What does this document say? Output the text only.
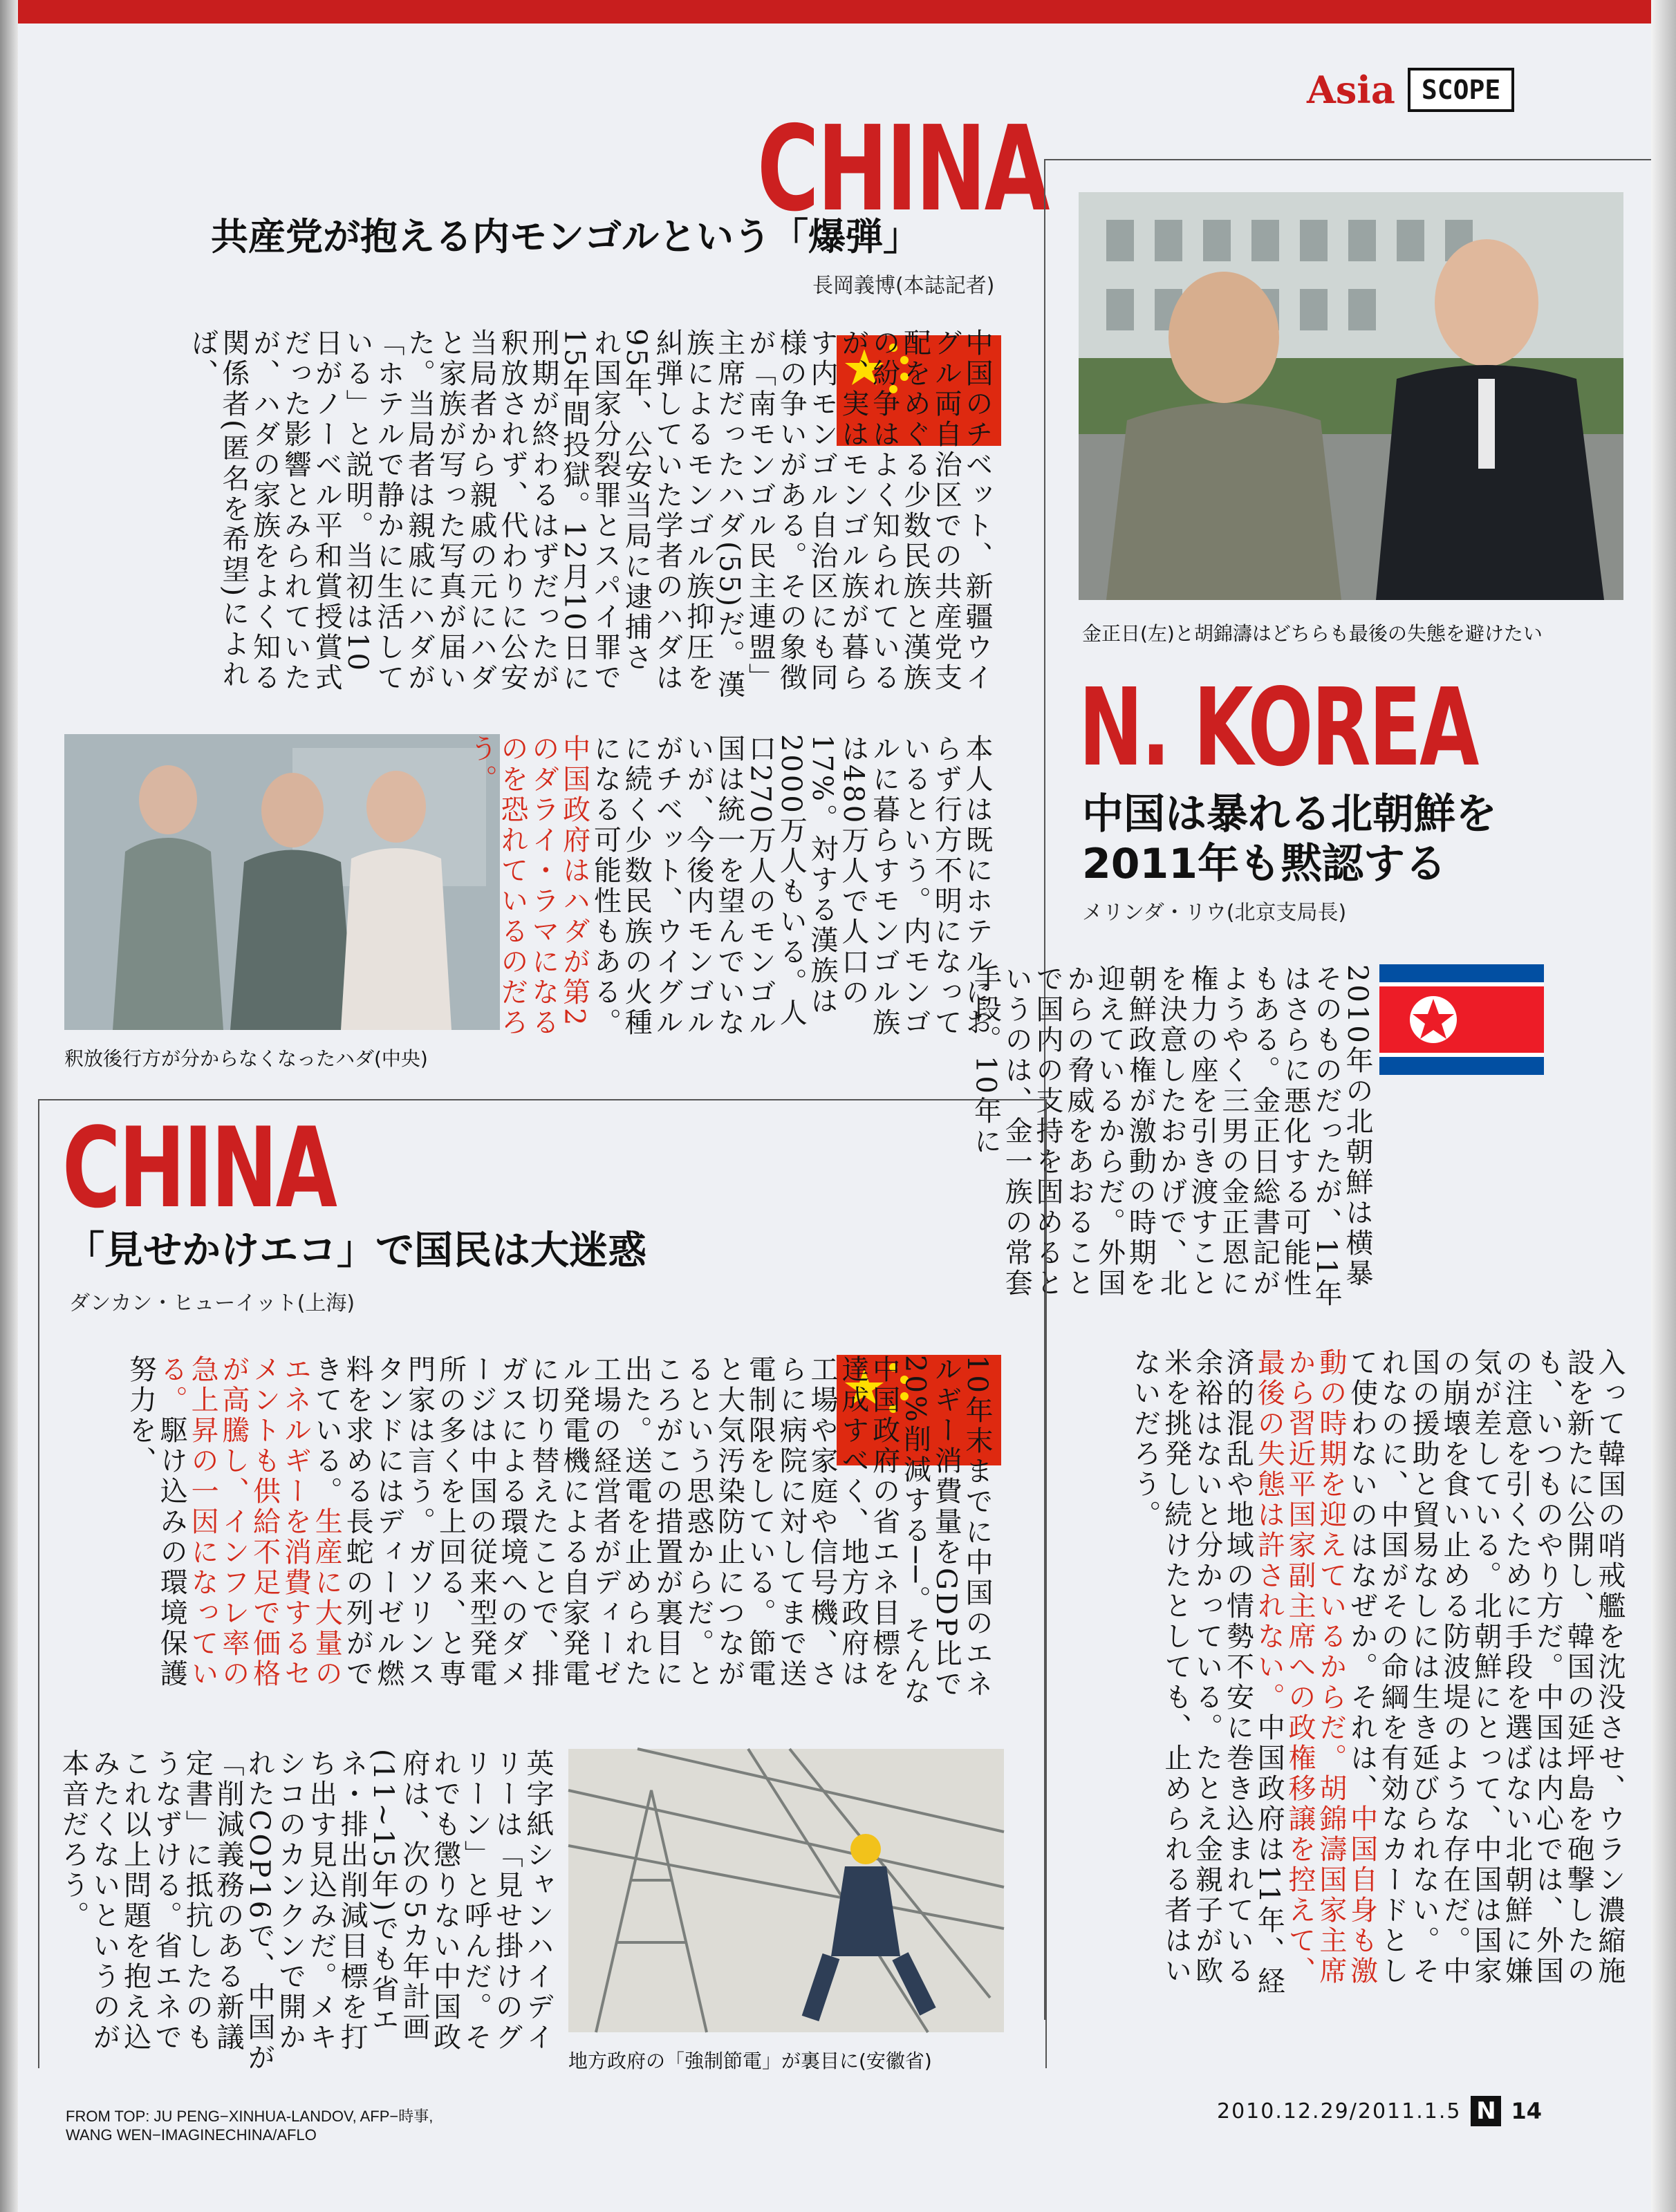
Asia	SCOPE
CHINA
共産党が抱える内モンゴルという「爆弾」
長岡義博(本誌記者)
中国のチベット、新疆ウイグル両自治区での共産党支配をめぐる少数民族と漢族の紛争はよく知られているが、実はモンゴル族が暮らす内モンゴル自治区にも同様の争いがある。その象徴が「南モンゴル民主連盟」主席だったハダ(55)だ。漢族によるモンゴル族抑圧を糾弾していた学者のハダは95年、公安当局に逮捕され国家分裂罪とスパイ罪で15年間投獄。12月10日に刑期が終わるはずだったが釈放されず、代わりに公安当局者から親戚の元にハダと家族が写った写真が届いた。当局者は親戚にハダが「ホテルで静かに生活している」と説明。当初は10日がノーベル平和賞授賞式だった影響とみられていたが、ハダの家族をよく知る関係者(匿名を希望)によれば、
釈放後行方が分からなくなったハダ(中央)
本人は既にホテルにおらず行方不明になっているという。内モンゴルに暮らすモンゴル族は480万人で人口の17%。対する漢族は2000万人もいる。人口270万人のモンゴル国は統一を望んでいないが、今後内モンゴルがチベット、ウイグルに続く少数民族の火種になる可能性もある。中国政府はハダが第2のダライ・ラマになるのを恐れているのだろう。
金正日(左)と胡錦濤はどちらも最後の失態を避けたい
N. KOREA
中国は暴れる北朝鮮を
2011年も黙認する
メリンダ・リウ(北京支局長)
2010年の北朝鮮は横暴そのものだったが、11年はさらに悪化する可能性もある。金正日総書記がようやく三男の金正恩に権力の座を引き渡すことを決意したおかげで、北朝鮮政権が激動の時期を迎えているからだ。外国からの脅威をあおることで国内の支持を固めるというのは、金一族の常套手段。10年に
入って韓国の哨戒艦を沈没させ、ウラン濃縮施設を新たに公開し、韓国の延坪島を砲撃したのも、いつものやり方だ。中国は内心では、外国の注意を引くために手段を選ばない北朝鮮に嫌気が差している。北朝鮮にとって、中国は国家の崩壊を食い止める防波堤のような存在だ。中国の援助と貿易なしには生き延びられない。それなのに、中国がその命綱を有効なカードとして使わないのはなぜか。それは、中国自身も激動の時期を迎えているからだ。胡錦濤国家主席から習近平国家副主席への政権移譲を控えて、最後の失態は許されない。中国政府は11年、経済的混乱や地域の情勢不安に巻き込まれている余裕はないと分かっている。たとえ金親子が欧米を挑発し続けたとしても、止められる者はいないだろう。
CHINA
「見せかけエコ」で国民は大迷惑
ダンカン・ヒューイット(上海)
10年末までに中国のエネルギー消費量をGDP比で20%削減する──。そんな中国政府の省エネ目標を達成すべく、地方政府は工場や家庭や信号機、さらに病院に対してまで送電制限をしている。節電と大気汚染防止につながるという思惑からだ。ところがこの措置が裏目に出た。送電を止められた工場の経営者がディーゼル発電機による自家発電に切り替えたことで、排ガスによる環境へのダメージは中国の従来型発電所の多くを上回る、と専門家は言う。ガソリンスタンドにはディーゼル燃料を求める長蛇の列ができている。生産に大量のエネルギーを消費するセメントも供給不足で価格が高騰し、インフレ率の急上昇の一因になっている。駆け込みの環境保護努力を、
英字紙シャンハイデイリーは「見せ掛けのグリーン」と呼んだ。それでも懲りない中国政府は、次の5カ年計画(11~15年)でも省エネ・排出削減目標を打ち出す見込みだ。メキシコのカンクンで開かれたCOP16で、中国が「削減義務のある新議定書」に抵抗したのもうなずける。省エネでこれ以上問題を抱え込みたくないというのが本音だろう。
地方政府の「強制節電」が裏目に(安徽省)
FROM TOP: JU PENG−XINHUA-LANDOV, AFP−時事,
WANG WEN−IMAGINECHINA/AFLO
2010.12.29/2011.1.5 N 14
